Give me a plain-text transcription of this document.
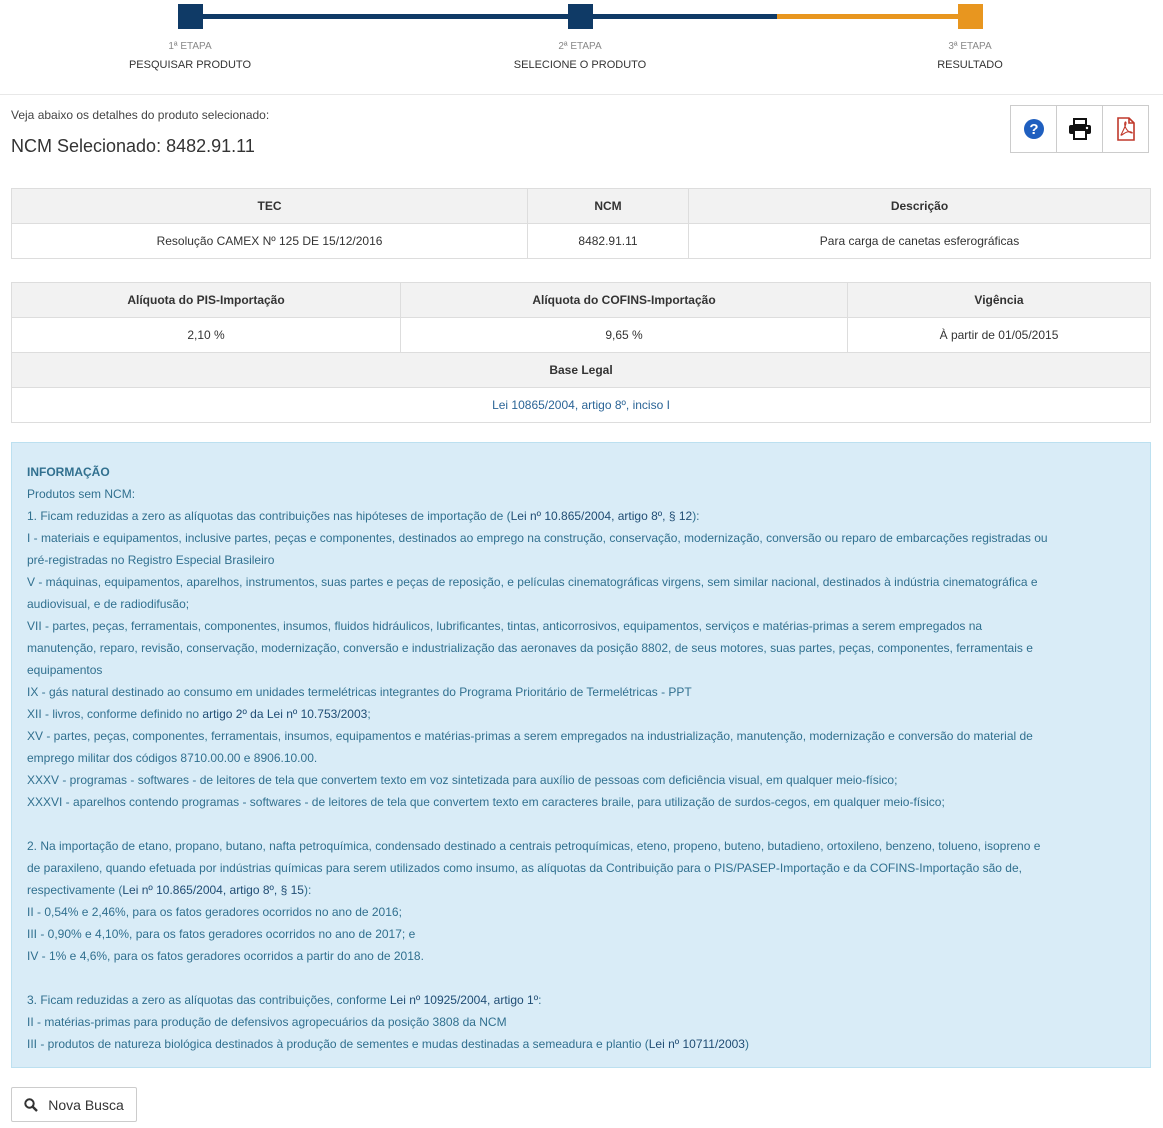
1ª ETAPA
PESQUISAR PRODUTO
2ª ETAPA
SELECIONE O PRODUTO
3ª ETAPA
RESULTADO
Veja abaixo os detalhes do produto selecionado:
NCM Selecionado: 8482.91.11
?
TEC	NCM	Descrição
Resolução CAMEX Nº 125 DE 15/12/2016	8482.91.11	Para carga de canetas esferográficas
Alíquota do PIS-Importação	Alíquota do COFINS-Importação	Vigência
2,10 %	9,65 %	À partir de 01/05/2015
Base Legal		
Lei 10865/2004, artigo 8º, inciso I		
INFORMAÇÃO
Produtos sem NCM:
1. Ficam reduzidas a zero as alíquotas das contribuições nas hipóteses de importação de (Lei nº 10.865/2004, artigo 8º, § 12):
I - materiais e equipamentos, inclusive partes, peças e componentes, destinados ao emprego na construção, conservação, modernização, conversão ou reparo de embarcações registradas ou
pré-registradas no Registro Especial Brasileiro
V - máquinas, equipamentos, aparelhos, instrumentos, suas partes e peças de reposição, e películas cinematográficas virgens, sem similar nacional, destinados à indústria cinematográfica e
audiovisual, e de radiodifusão;
VII - partes, peças, ferramentais, componentes, insumos, fluidos hidráulicos, lubrificantes, tintas, anticorrosivos, equipamentos, serviços e matérias-primas a serem empregados na
manutenção, reparo, revisão, conservação, modernização, conversão e industrialização das aeronaves da posição 8802, de seus motores, suas partes, peças, componentes, ferramentais e
equipamentos
IX - gás natural destinado ao consumo em unidades termelétricas integrantes do Programa Prioritário de Termelétricas - PPT
XII - livros, conforme definido no artigo 2º da Lei nº 10.753/2003;
XV - partes, peças, componentes, ferramentais, insumos, equipamentos e matérias-primas a serem empregados na industrialização, manutenção, modernização e conversão do material de
emprego militar dos códigos 8710.00.00 e 8906.10.00.
XXXV - programas - softwares - de leitores de tela que convertem texto em voz sintetizada para auxílio de pessoas com deficiência visual, em qualquer meio-físico;
XXXVI - aparelhos contendo programas - softwares - de leitores de tela que convertem texto em caracteres braile, para utilização de surdos-cegos, em qualquer meio-físico;
2. Na importação de etano, propano, butano, nafta petroquímica, condensado destinado a centrais petroquímicas, eteno, propeno, buteno, butadieno, ortoxileno, benzeno, tolueno, isopreno e
de paraxileno, quando efetuada por indústrias químicas para serem utilizados como insumo, as alíquotas da Contribuição para o PIS/PASEP-Importação e da COFINS-Importação são de,
respectivamente (Lei nº 10.865/2004, artigo 8º, § 15):
II - 0,54% e 2,46%, para os fatos geradores ocorridos no ano de 2016;
III - 0,90% e 4,10%, para os fatos geradores ocorridos no ano de 2017; e
IV - 1% e 4,6%, para os fatos geradores ocorridos a partir do ano de 2018.
3. Ficam reduzidas a zero as alíquotas das contribuições, conforme Lei nº 10925/2004, artigo 1º:
II - matérias-primas para produção de defensivos agropecuários da posição 3808 da NCM
III - produtos de natureza biológica destinados à produção de sementes e mudas destinadas a semeadura e plantio (Lei nº 10711/2003)
Nova Busca
